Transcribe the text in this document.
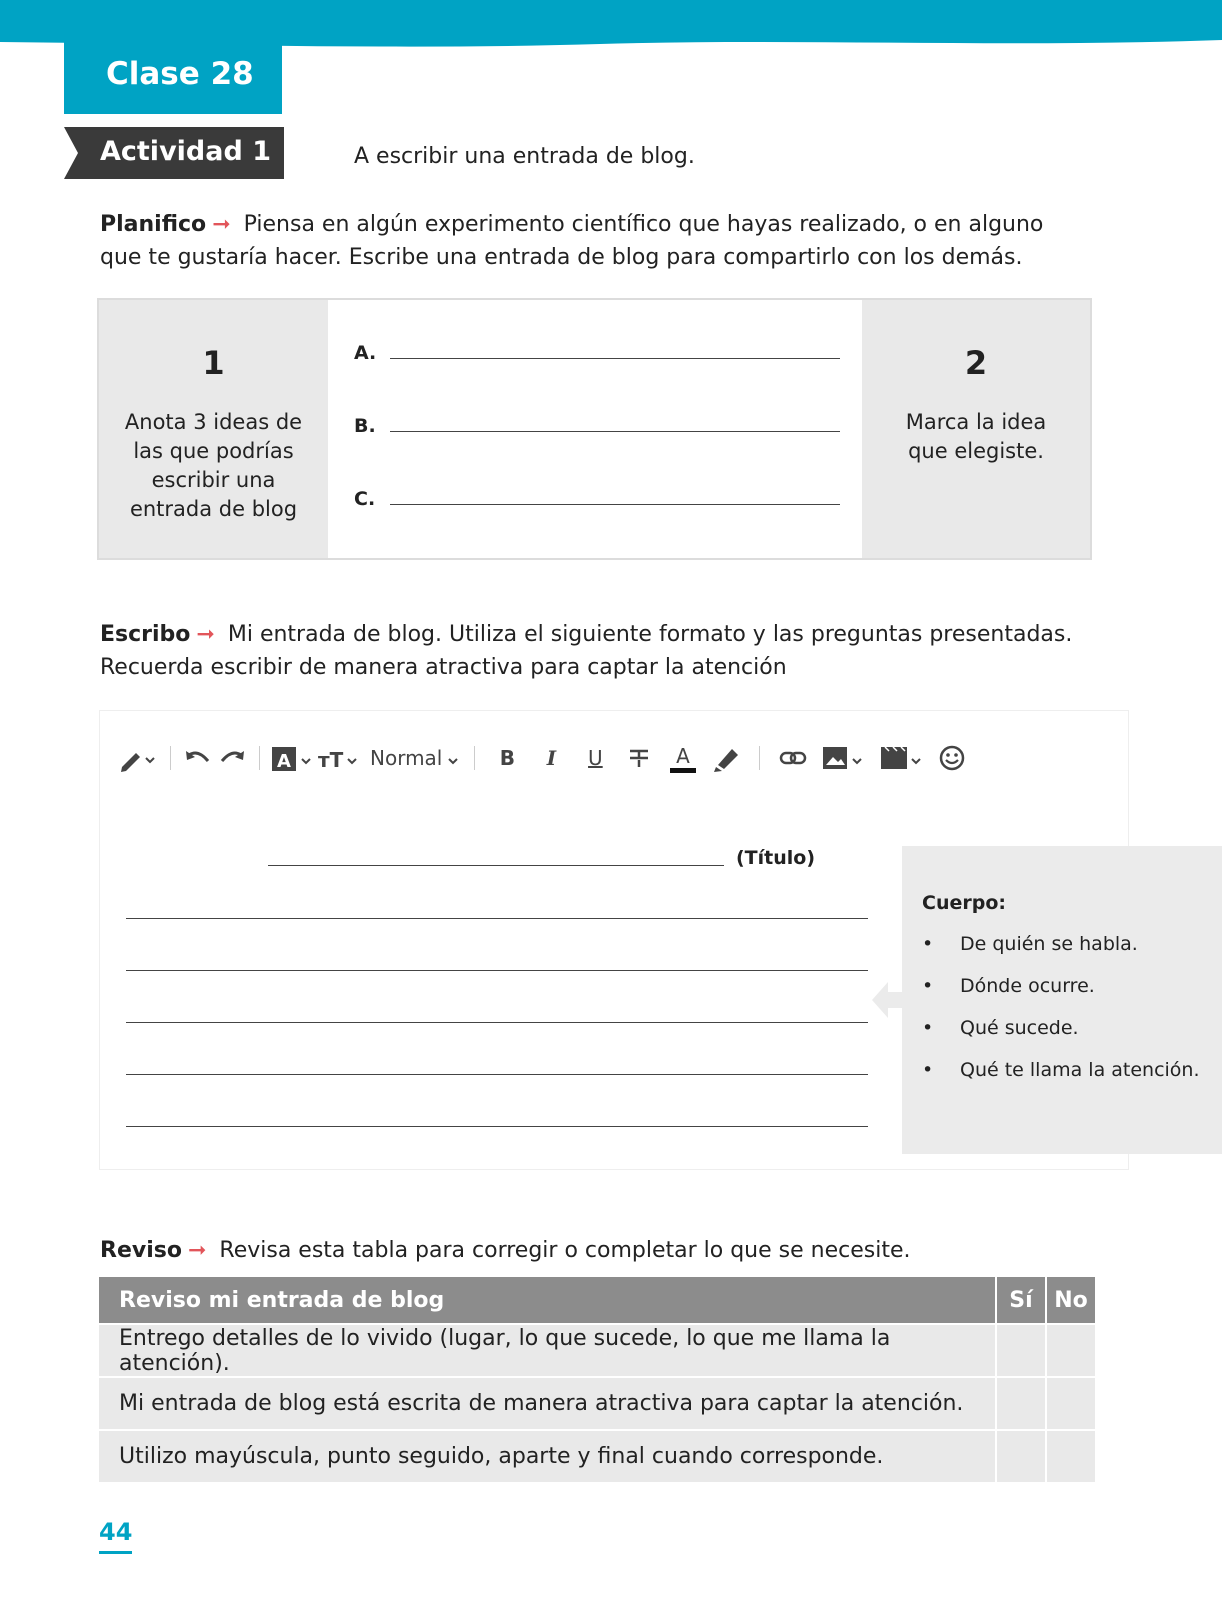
Clase 28
Actividad 1	A escribir una entrada de blog.
Planifico ➞ Piensa en algún experimento científico que hayas realizado, o en alguno
que te gustaría hacer. Escribe una entrada de blog para compartirlo con los demás.
1
Anota 3 ideas de las que podrías escribir una entrada de blog
A.
B.
C.
2
Marca la idea que elegiste.
Escribo ➞ Mi entrada de blog. Utiliza el siguiente formato y las preguntas presentadas.
Recuerda escribir de manera atractiva para captar la atención
A тT Normal	B	I	U	A
(Título)
Cuerpo:
• De quién se habla.
• Dónde ocurre.
• Qué sucede.
• Qué te llama la atención.
Reviso ➞ Revisa esta tabla para corregir o completar lo que se necesite.
Reviso mi entrada de blog	Sí	No
Entrego detalles de lo vivido (lugar, lo que sucede, lo que me llama la atención).		
Mi entrada de blog está escrita de manera atractiva para captar la atención.		
Utilizo mayúscula, punto seguido, aparte y final cuando corresponde.		
44
